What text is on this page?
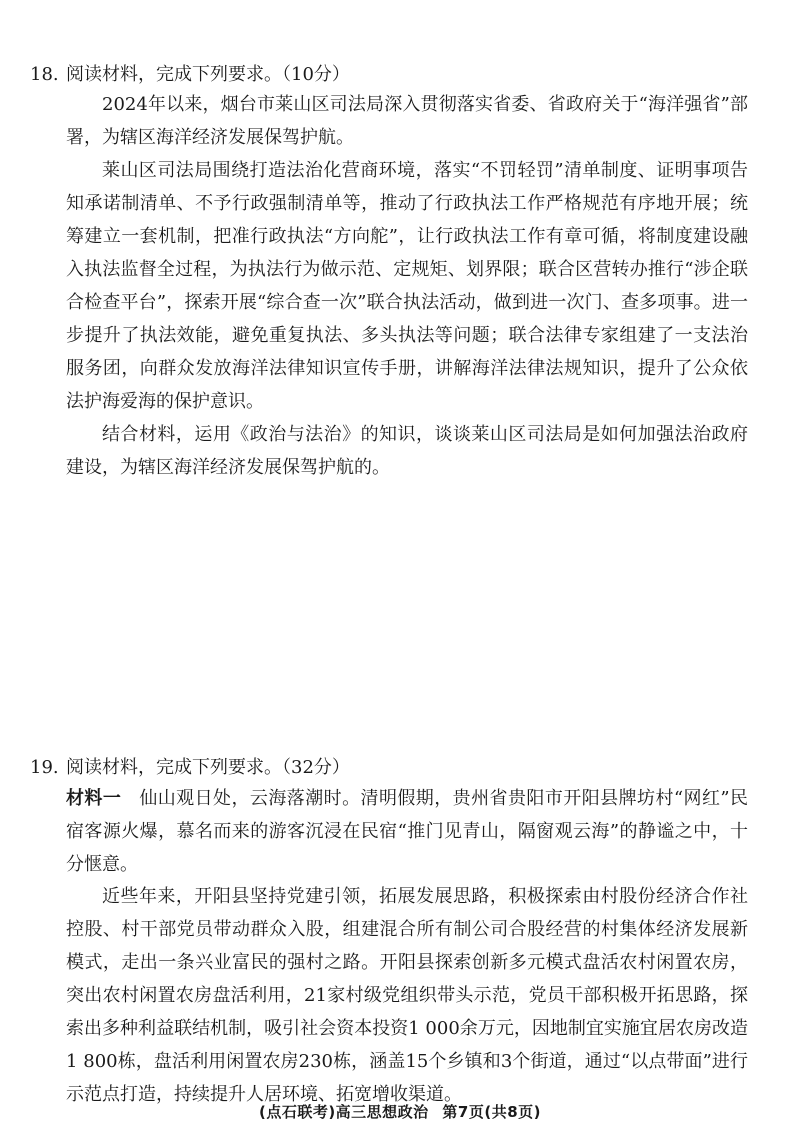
18. 阅读材料，完成下列要求。（10分）
2024年以来，烟台市莱山区司法局深入贯彻落实省委、省政府关于“海洋强省”部署，为辖区海洋经济发展保驾护航。
莱山区司法局围绕打造法治化营商环境，落实“不罚轻罚”清单制度、证明事项告知承诺制清单、不予行政强制清单等，推动了行政执法工作严格规范有序地开展；统筹建立一套机制，把准行政执法“方向舵”，让行政执法工作有章可循，将制度建设融入执法监督全过程，为执法行为做示范、定规矩、划界限；联合区营转办推行“涉企联合检查平台”，探索开展“综合查一次”联合执法活动，做到进一次门、查多项事。进一步提升了执法效能，避免重复执法、多头执法等问题；联合法律专家组建了一支法治服务团，向群众发放海洋法律知识宣传手册，讲解海洋法律法规知识，提升了公众依法护海爱海的保护意识。
结合材料，运用《政治与法治》的知识，谈谈莱山区司法局是如何加强法治政府建设，为辖区海洋经济发展保驾护航的。
19. 阅读材料，完成下列要求。（32分）
材料一 仙山观日处，云海落潮时。清明假期，贵州省贵阳市开阳县牌坊村“网红”民宿客源火爆，慕名而来的游客沉浸在民宿“推门见青山，隔窗观云海”的静谧之中，十分惬意。
近些年来，开阳县坚持党建引领，拓展发展思路，积极探索由村股份经济合作社控股、村干部党员带动群众入股，组建混合所有制公司合股经营的村集体经济发展新模式，走出一条兴业富民的强村之路。开阳县探索创新多元模式盘活农村闲置农房，突出农村闲置农房盘活利用，21家村级党组织带头示范，党员干部积极开拓思路，探索出多种利益联结机制，吸引社会资本投资1 000余万元，因地制宜实施宜居农房改造1 800栋，盘活利用闲置农房230栋，涵盖15个乡镇和3个街道，通过“以点带面”进行示范点打造，持续提升人居环境、拓宽增收渠道。
(点石联考)高三思想政治 第7页(共8页)
